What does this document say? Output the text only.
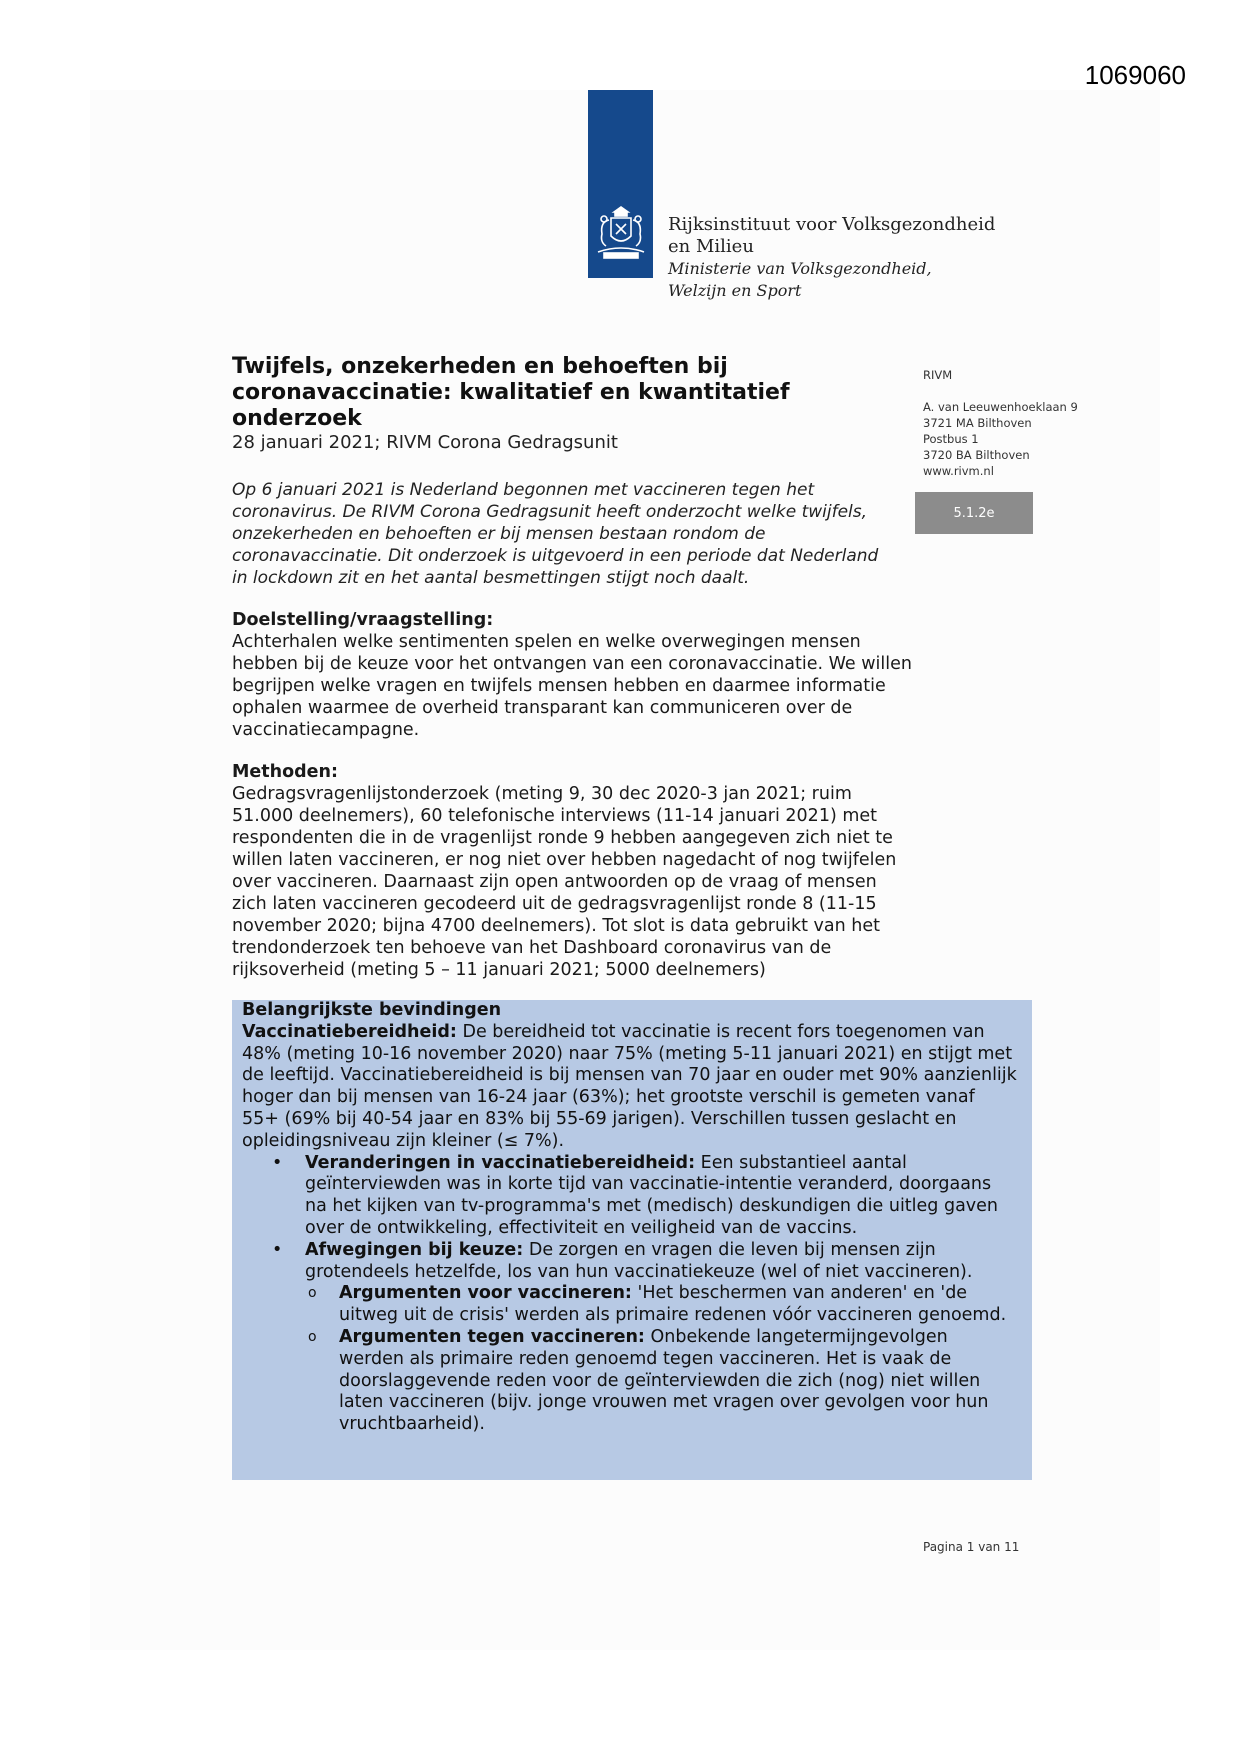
1069060
Rijksinstituut voor Volksgezondheid
en Milieu
Ministerie van Volksgezondheid,
Welzijn en Sport
Twijfels, onzekerheden en behoeften bij coronavaccinatie: kwalitatief en kwantitatief onderzoek
28 januari 2021; RIVM Corona Gedragsunit

Op 6 januari 2021 is Nederland begonnen met vaccineren tegen het coronavirus. De RIVM Corona Gedragsunit heeft onderzocht welke twijfels, onzekerheden en behoeften er bij mensen bestaan rondom de coronavaccinatie. Dit onderzoek is uitgevoerd in een periode dat Nederland in lockdown zit en het aantal besmettingen stijgt noch daalt.

RIVM
A. van Leeuwenhoeklaan 9
3721 MA Bilthoven
Postbus 1
3720 BA Bilthoven
www.rivm.nl
5.1.2e
Doelstelling/vraagstelling:
Achterhalen welke sentimenten spelen en welke overwegingen mensen hebben bij de keuze voor het ontvangen van een coronavaccinatie. We willen begrijpen welke vragen en twijfels mensen hebben en daarmee informatie ophalen waarmee de overheid transparant kan communiceren over de vaccinatiecampagne.
Methoden:
Gedragsvragenlijstonderzoek (meting 9, 30 dec 2020-3 jan 2021; ruim 51.000 deelnemers), 60 telefonische interviews (11-14 januari 2021) met respondenten die in de vragenlijst ronde 9 hebben aangegeven zich niet te willen laten vaccineren, er nog niet over hebben nagedacht of nog twijfelen over vaccineren. Daarnaast zijn open antwoorden op de vraag of mensen zich laten vaccineren gecodeerd uit de gedragsvragenlijst ronde 8 (11-15 november 2020; bijna 4700 deelnemers). Tot slot is data gebruikt van het trendonderzoek ten behoeve van het Dashboard coronavirus van de rijksoverheid (meting 5 – 11 januari 2021; 5000 deelnemers)
Belangrijkste bevindingen
Vaccinatiebereidheid: De bereidheid tot vaccinatie is recent fors toegenomen van 48% (meting 10-16 november 2020) naar 75% (meting 5-11 januari 2021) en stijgt met de leeftijd. Vaccinatiebereidheid is bij mensen van 70 jaar en ouder met 90% aanzienlijk hoger dan bij mensen van 16-24 jaar (63%); het grootste verschil is gemeten vanaf 55+ (69% bij 40-54 jaar en 83% bij 55-69 jarigen). Verschillen tussen geslacht en opleidingsniveau zijn kleiner (≤ 7%).
• Veranderingen in vaccinatiebereidheid: Een substantieel aantal geïnterviewden was in korte tijd van vaccinatie-intentie veranderd, doorgaans na het kijken van tv-programma's met (medisch) deskundigen die uitleg gaven over de ontwikkeling, effectiviteit en veiligheid van de vaccins.
• Afwegingen bij keuze: De zorgen en vragen die leven bij mensen zijn grotendeels hetzelfde, los van hun vaccinatiekeuze (wel of niet vaccineren).
o Argumenten voor vaccineren: 'Het beschermen van anderen' en 'de uitweg uit de crisis' werden als primaire redenen vóór vaccineren genoemd.
o Argumenten tegen vaccineren: Onbekende langetermijngevolgen werden als primaire reden genoemd tegen vaccineren. Het is vaak de doorslaggevende reden voor de geïnterviewden die zich (nog) niet willen laten vaccineren (bijv. jonge vrouwen met vragen over gevolgen voor hun vruchtbaarheid).
Pagina 1 van 11
